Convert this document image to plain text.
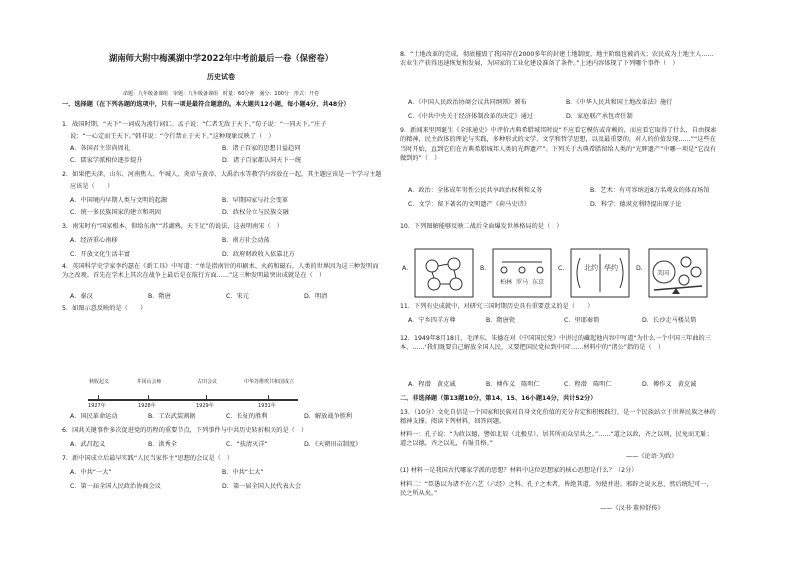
湖南师大附中梅溪湖中学2022年中考前最后一卷（保密卷）
历史试卷
命题：九年级备课组　审题：九年级备课组　时量：60分钟　满分：100分　形式：开卷
一、选择题（在下列各题的选项中，只有一项是最符合题意的。本大题共12小题，每小题4分，共48分）
1．战国时期，“天下”一词成为流行词汇。孟子说：“仁者无敌于天下。”荀子说：“一同天下。”庄子
说：“一心定而王天下。”韩非说：“令行禁止于天下。”这种现象反映了（　）
A．各国君主崇尚周礼	B．诸子百家的思想日益趋同
C．儒家学派相位逐步提升	D．诸子百家都认同天下一统
2．如果把天津、山东、河南焦人、牛城人、炎帝与黄帝、大禹治水等教学内容放在一起，其主题应该是一个学习主题
应该是（　　）
A．中国境内早期人类与文明的起源	B．早期国家与社会变革
C．统一多民族国家的建立和巩固	D．政权分立与民族交融
3．南宋时有“国家根本，仰给东南”“苏湖熟，天下足”的说法，这表明南宋（　）
A．经济重心南移	B．南方社会动荡
C．开放文化生活丰富	D．政府财政收入依靠北方
4．英国科学史学家李约瑟在《新工具》中写道：“单是指南针的印刷术、火药和磁石，人类的世界因为这三种发明而为之改观。首先在学术上其次在战争上最后是在航行方面……”这三种发明最突出成就是在（　）
A．秦汉	B．隋唐	C．宋元	D．明清
5．如图示意反映的是（　　）
秋收起义	井冈山会师	古田会议	中华苏维埃共和国成立
1927年	1928年	1929年	1931年
A．国民革命运动	B．工农武装割据	C．长征的胜利	D．解放战争胜利
6．国共关键事件多次促进党的历程的重要节点，下列事件与中共历史转折相关的是（　）
A．武昌起义	B．洪秀全	C．“扶清灭洋”	D．《天朝田亩制度》
7．新中国成立后最早实践“人民当家作主”思想的会议是（　）
A．中共“一大”	B．中共“七大”
C．第一届全国人民政治协商会议	D．第一届全国人民代表大会
8．“土地改革的完成，彻底摧毁了我国存在2000多年的封建土地制度，地主阶级也被消灭；农民成为土地主人……农业生产获得迅速恢复和发展，为国家的工业化建设准备了条件。”上述内容体现了下列哪个事件（　）
A．《中国人民政治协商会议共同纲领》颁布	B．《中华人民共和国土地改革法》施行
C．《中共中央关于经济体制改革的决定》通过	D．家庭联产承包责任制
9．新闻来里网诞生《全球通史》中评价古典希腊城邦时说“不应看它模仿或奇赖的，而应看它取得了什么，自由探索的精神，民主政体的理论与实践，多种形式的文学、文学和哲学思想，以及最重要的，对人的价值发现……”“这些在当时开始，直到它们在古典希腊城邦人类的光辉遗产”。下列关于古典希腊留给人类的“光辉遗产”中哪一项是“它没有做到的”（　）
A．政治：全体成年男性公民共享政治权利和义务	B．艺术：有可容纳近8万名观众的体育场馆
C．文学：留下著名的文明遗产《荷马史诗》	D．科学：德谟克利特提出原子论
10．下列图解能够反映二战后全面爆发世界格局的是（　）
A.	B.
柏林 罗马 东京
C.	北约 华约	D.
美国
11．下列有史成就中，对研究三国时期历史具有重要意义的是（　　）
A．宁乡四羊方尊	B．隋唐瓷	C．里耶秦简	D．长沙走马楼吴简
12．1949年8月18日，毛泽东、朱德在对《中国国民党》中讲过的藏起他内容中写道“为什么一个中国三年曲的三本，……‘我们既要自己解放全国人民，又要把国民党拉到中国’……材料中的“诸公”指的是（　）
A．程潜　黄克诚	B．傅作义　陈明仁	C．程潜　陈明仁	D．傅作义　黄克诚
二、非选择题（第13题10分，第14、15、16小题14分，共计52分）
13．（10分）文化自信是一个国家和民族对自身文化价值的充分肯定和积极践行，是一个民族站立于世界民族之林的精神支撑。阅读下列材料，回答问题。
材料一：孔子说：“为政以德，譬如北辰（北极星），居其所而众星共之。”……“道之以政，齐之以刑，民免而无耻；道之以德，齐之以礼，有耻且格。”
——《论语·为政》
(1) 材料一是我国古代哪家学派的思想？材料中这位思想家的核心思想是什么？（2分）
材料二：“臣愚以为诸不在六艺（六经）之科、孔子之术者，皆绝其道，勿使并进。邪辟之说灭息，然后统纪可一，民之所从矣。”
——《汉书·董仲舒传》
